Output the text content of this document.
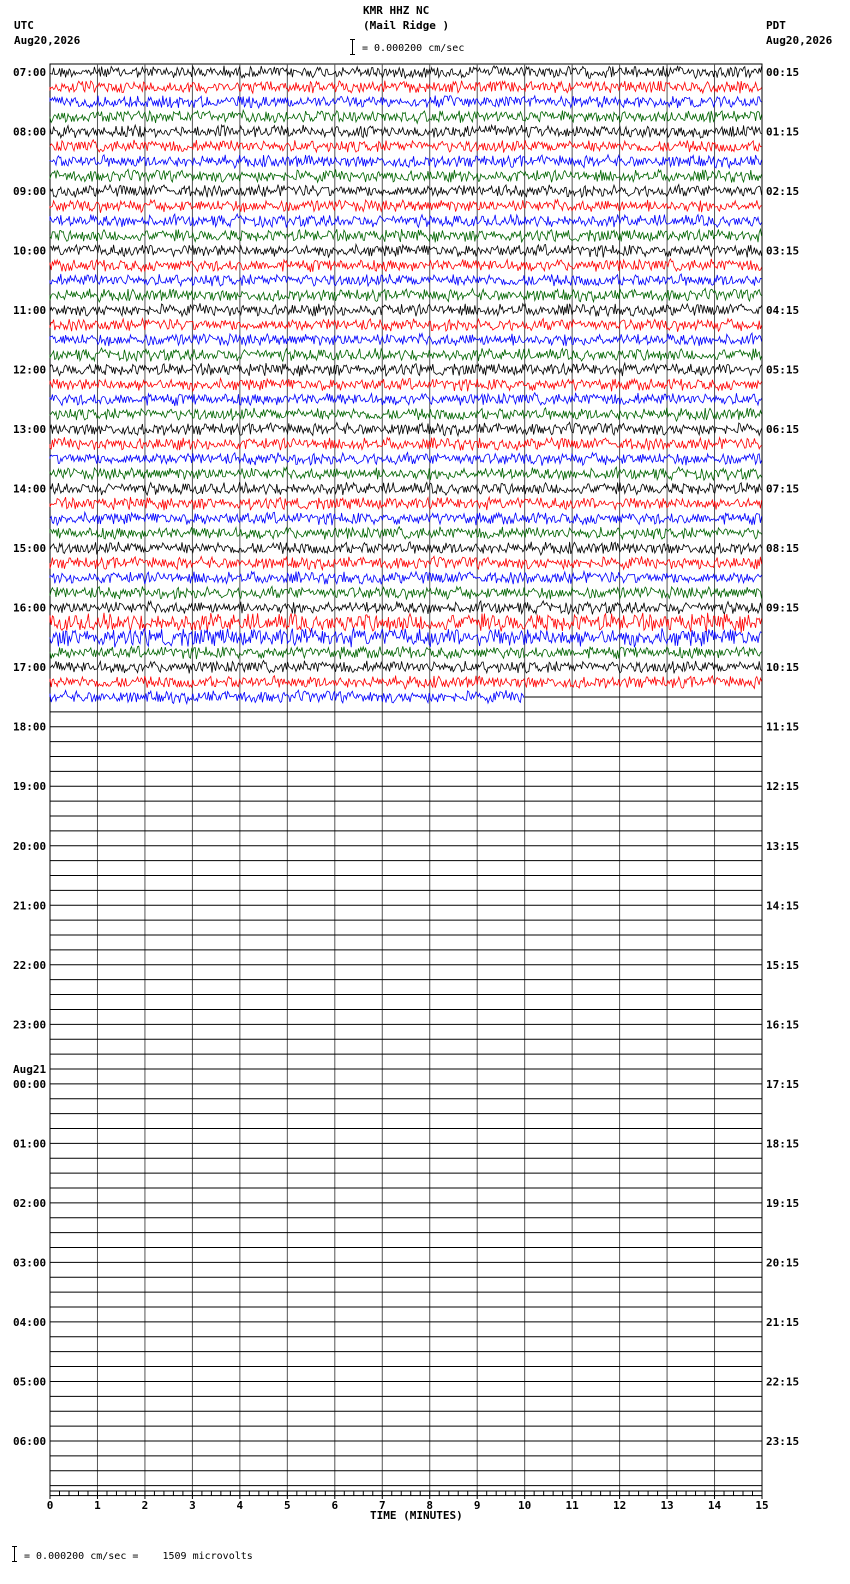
KMR HHZ NC
(Mail Ridge )
UTC
Aug20,2026
PDT
Aug20,2026
= 0.000200 cm/sec
07:00
08:00
09:00
10:00
11:00
12:00
13:00
14:00
15:00
16:00
17:00
18:00
19:00
20:00
21:00
22:00
23:00
00:00
01:00
02:00
03:00
04:00
05:00
06:00
00:15
01:15
02:15
03:15
04:15
05:15
06:15
07:15
08:15
09:15
10:15
11:15
12:15
13:15
14:15
15:15
16:15
17:15
18:15
19:15
20:15
21:15
22:15
23:15
Aug21
0	1	2	3	4	5	6	7	8	9	10	11	12	13	14	15
TIME (MINUTES)
= 0.000200 cm/sec =    1509 microvolts
